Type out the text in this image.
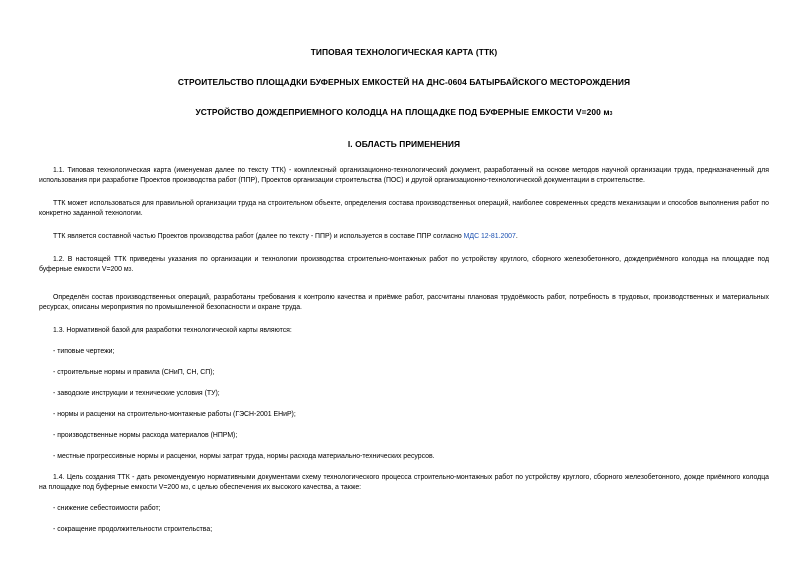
ТИПОВАЯ ТЕХНОЛОГИЧЕСКАЯ КАРТА (ТТК)
СТРОИТЕЛЬСТВО ПЛОЩАДКИ БУФЕРНЫХ ЕМКОСТЕЙ НА ДНС-0604 БАТЫРБАЙСКОГО МЕСТОРОЖДЕНИЯ
УСТРОЙСТВО ДОЖДЕПРИЕМНОГО КОЛОДЦА НА ПЛОЩАДКЕ ПОД БУФЕРНЫЕ ЕМКОСТИ V=200 м3
I. ОБЛАСТЬ ПРИМЕНЕНИЯ

1.1. Типовая технологическая карта (именуемая далее по тексту ТТК) - комплексный организационно-технологический документ, разработанный на основе методов научной организации труда, предназначенный для использования при разработке Проектов производства работ (ППР), Проектов организации строительства (ПОС) и другой организационно-технологической документации в строительстве.

ТТК может использоваться для правильной организации труда на строительном объекте, определения состава производственных операций, наиболее современных средств механизации и способов выполнения работ по конкретно заданной технологии.

ТТК является составной частью Проектов производства работ (далее по тексту - ППР) и используется в составе ППР согласно МДС 12-81.2007.

1.2. В настоящей ТТК приведены указания по организации и технологии производства строительно-монтажных работ по устройству круглого, сборного железобетонного, дождеприёмного колодца на площадке под буферные емкости V=200 м3.

Определён состав производственных операций, разработаны требования к контролю качества и приёмке работ, рассчитаны плановая трудоёмкость работ, потребность в трудовых, производственных и материальных ресурсах, описаны мероприятия по промышленной безопасности и охране труда.

1.3. Нормативной базой для разработки технологической карты являются:

- типовые чертежи;

- строительные нормы и правила (СНиП, СН, СП);

- заводские инструкции и технические условия (ТУ);

- нормы и расценки на строительно-монтажные работы (ГЭСН-2001 ЕНиР);

- производственные нормы расхода материалов (НПРМ);

- местные прогрессивные нормы и расценки, нормы затрат труда, нормы расхода материально-технических ресурсов.

1.4. Цель создания ТТК - дать рекомендуемую нормативными документами схему технологического процесса строительно-монтажных работ по устройству круглого, сборного железобетонного, дожде приёмного колодца на площадке под буферные емкости V=200 м3, с целью обеспечения их высокого качества, а также:

- снижение себестоимости работ;

- сокращение продолжительности строительства;
